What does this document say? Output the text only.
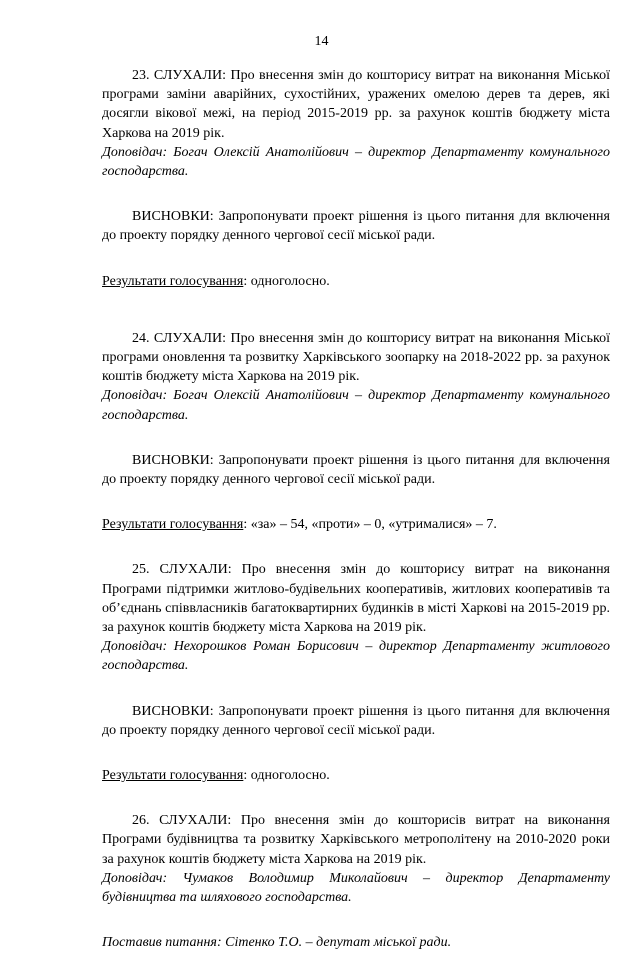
14

23. СЛУХАЛИ: Про внесення змін до кошторису витрат на виконання Міської програми заміни аварійних, сухостійних, уражених омелою дерев та дерев, які досягли вікової межі, на період 2015-2019 рр. за рахунок коштів бюджету міста Харкова на 2019 рік.

Доповідач: Богач Олексій Анатолійович – директор Департаменту комунального господарства.

ВИСНОВКИ: Запропонувати проект рішення із цього питання для включення до проекту порядку денного чергової сесії міської ради.

Результати голосування: одноголосно.

24. СЛУХАЛИ: Про внесення змін до кошторису витрат на виконання Міської програми оновлення та розвитку Харківського зоопарку на 2018-2022 рр. за рахунок коштів бюджету міста Харкова на 2019 рік.

Доповідач: Богач Олексій Анатолійович – директор Департаменту комунального господарства.

ВИСНОВКИ: Запропонувати проект рішення із цього питання для включення до проекту порядку денного чергової сесії міської ради.

Результати голосування: «за» – 54, «проти» – 0, «утрималися» – 7.

25. СЛУХАЛИ: Про внесення змін до кошторису витрат на виконання Програми підтримки житлово-будівельних кооперативів, житлових кооперативів та об’єднань співвласників багатоквартирних будинків в місті Харкові на 2015-2019 рр. за рахунок коштів бюджету міста Харкова на 2019 рік.

Доповідач: Нехорошков Роман Борисович – директор Департаменту житлового господарства.

ВИСНОВКИ: Запропонувати проект рішення із цього питання для включення до проекту порядку денного чергової сесії міської ради.

Результати голосування: одноголосно.

26. СЛУХАЛИ: Про внесення змін до кошторисів витрат на виконання Програми будівництва та розвитку Харківського метрополітену на 2010-2020 роки за рахунок коштів бюджету міста Харкова на 2019 рік.

Доповідач: Чумаков Володимир Миколайович – директор Департаменту будівництва та шляхового господарства.

Поставив питання: Сітенко Т.О. – депутат міської ради.
